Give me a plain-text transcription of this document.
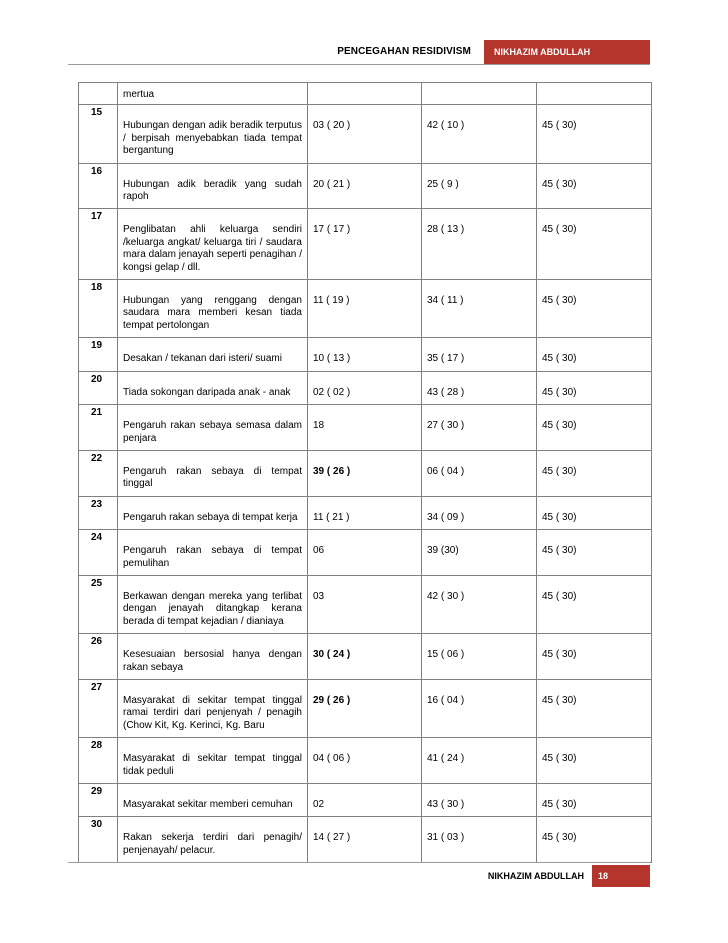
PENCEGAHAN RESIDIVISM	NIKHAZIM ABDULLAH
	mertua			
15	Hubungan dengan adik beradik terputus / berpisah menyebabkan tiada tempat bergantung	03 ( 20 )	42 ( 10 )	45 ( 30)
16	Hubungan adik beradik yang sudah rapoh	20 ( 21 )	25 ( 9 )	45 ( 30)
17	Penglibatan ahli keluarga sendiri /keluarga angkat/ keluarga tiri / saudara mara dalam jenayah seperti penagihan / kongsi gelap / dll.	17 ( 17 )	28 ( 13 )	45 ( 30)
18	Hubungan yang renggang dengan saudara mara memberi kesan tiada tempat pertolongan	11 ( 19 )	34 ( 11 )	45 ( 30)
19	Desakan / tekanan dari isteri/ suami	10 ( 13 )	35 ( 17 )	45 ( 30)
20	Tiada sokongan daripada anak - anak	02 ( 02 )	43 ( 28 )	45 ( 30)
21	Pengaruh rakan sebaya semasa dalam penjara	18	27 ( 30 )	45 ( 30)
22	Pengaruh rakan sebaya di tempat tinggal	39 ( 26 )	06 ( 04 )	45 ( 30)
23	Pengaruh rakan sebaya di tempat kerja	11 ( 21 )	34 ( 09 )	45 ( 30)
24	Pengaruh rakan sebaya di tempat pemulihan	06	39 (30)	45 ( 30)
25	Berkawan dengan mereka yang terlibat dengan jenayah ditangkap kerana berada di tempat kejadian / dianiaya	03	42 ( 30 )	45 ( 30)
26	Kesesuaian bersosial hanya dengan rakan sebaya	30 ( 24 )	15 ( 06 )	45 ( 30)
27	Masyarakat di sekitar tempat tinggal ramai terdiri dari penjenyah / penagih (Chow Kit, Kg. Kerinci, Kg. Baru	29 ( 26 )	16 ( 04 )	45 ( 30)
28	Masyarakat di sekitar tempat tinggal tidak peduli	04 ( 06 )	41 ( 24 )	45 ( 30)
29	Masyarakat sekitar memberi cemuhan	02	43 ( 30 )	45 ( 30)
30	Rakan sekerja terdiri dari penagih/ penjenayah/ pelacur.	14 ( 27 )	31 ( 03 )	45 ( 30)
NIKHAZIM ABDULLAH	18
